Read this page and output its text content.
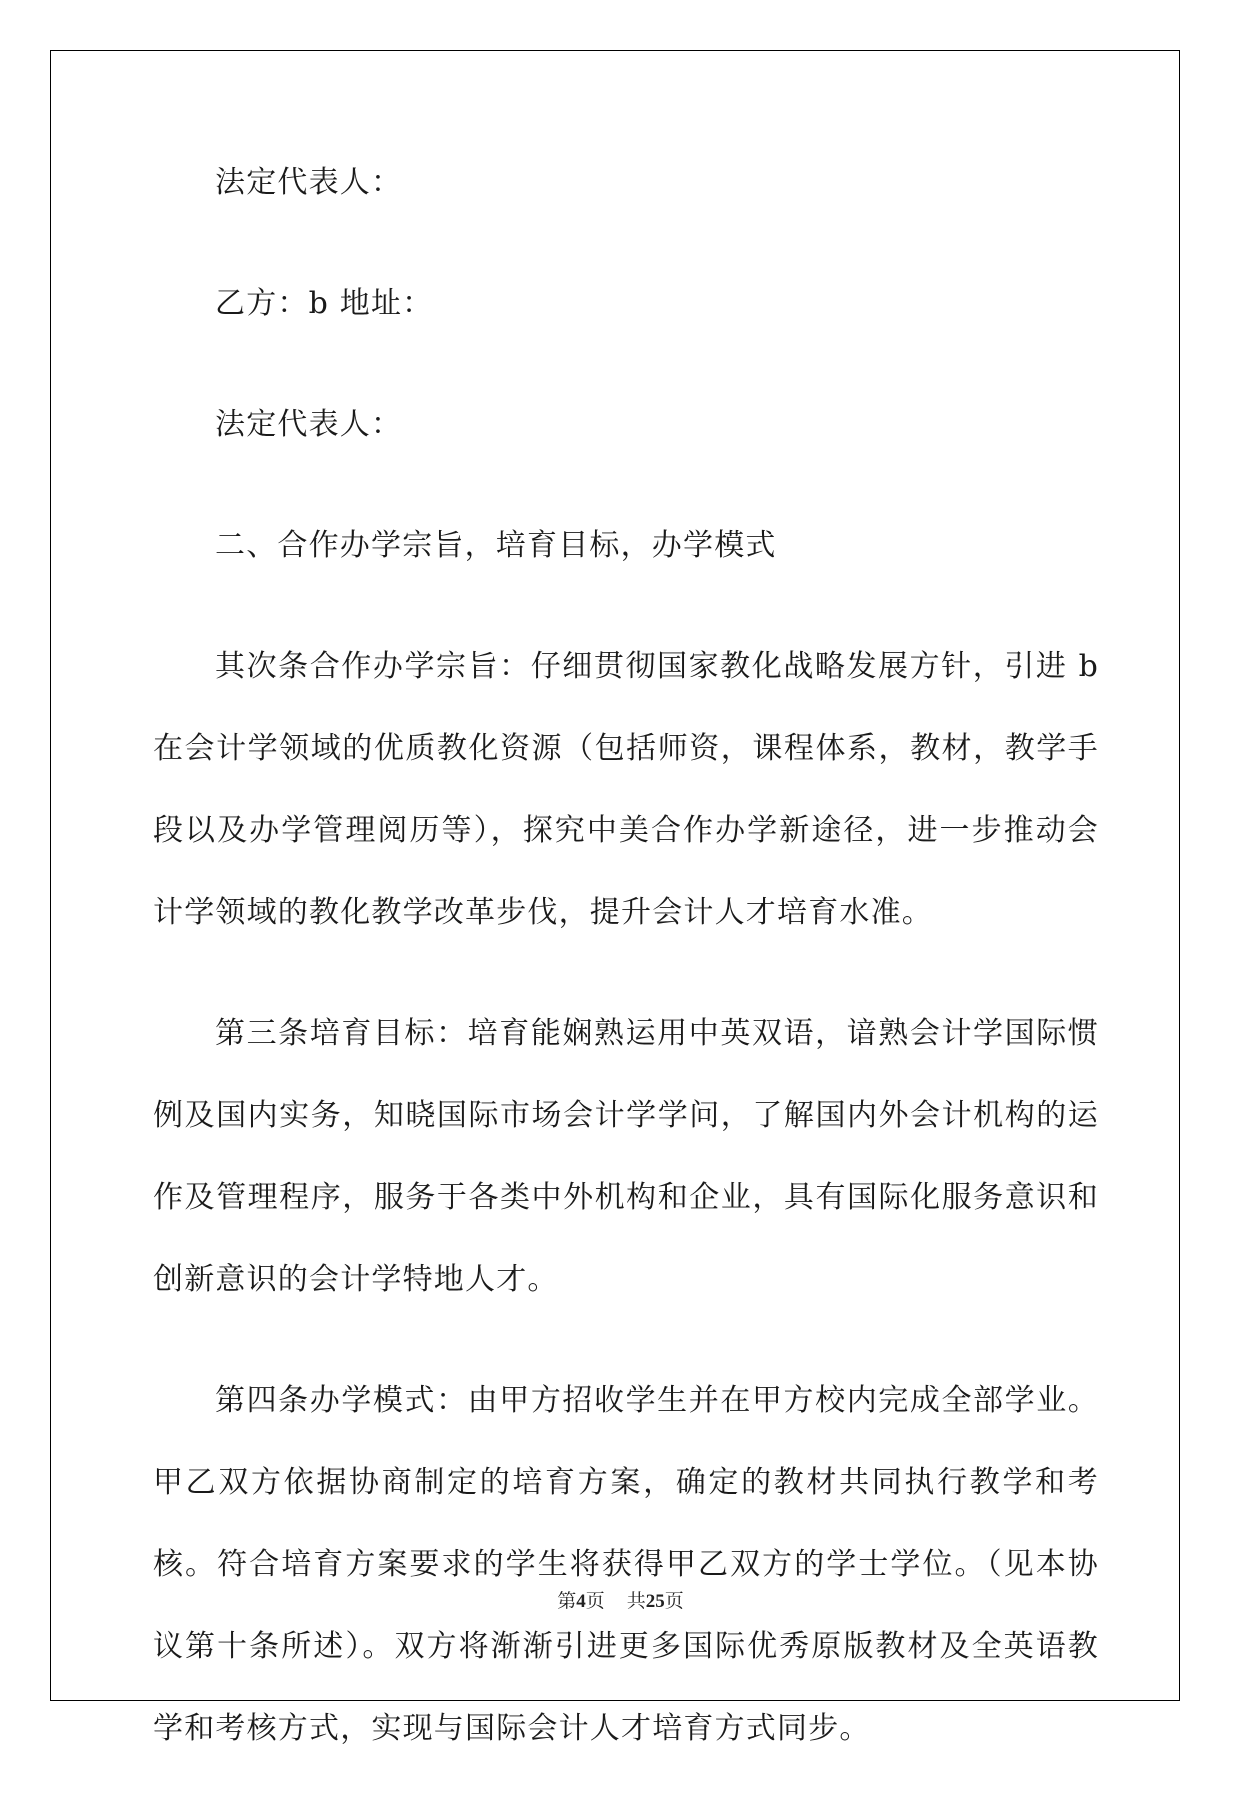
法定代表人：

乙方：b 地址：

法定代表人：

二、合作办学宗旨，培育目标，办学模式

其次条合作办学宗旨：仔细贯彻国家教化战略发展方针，引进 b 在会计学领域的优质教化资源（包括师资，课程体系，教材，教学手段以及办学管理阅历等），探究中美合作办学新途径，进一步推动会计学领域的教化教学改革步伐，提升会计人才培育水准。

第三条培育目标：培育能娴熟运用中英双语，谙熟会计学国际惯例及国内实务，知晓国际市场会计学学问，了解国内外会计机构的运作及管理程序，服务于各类中外机构和企业，具有国际化服务意识和创新意识的会计学特地人才。

第四条办学模式：由甲方招收学生并在甲方校内完成全部学业。甲乙双方依据协商制定的培育方案，确定的教材共同执行教学和考核。符合培育方案要求的学生将获得甲乙双方的学士学位。（见本协议第十条所述）。双方将渐渐引进更多国际优秀原版教材及全英语教学和考核方式，实现与国际会计人才培育方式同步。

第4页 共25页
